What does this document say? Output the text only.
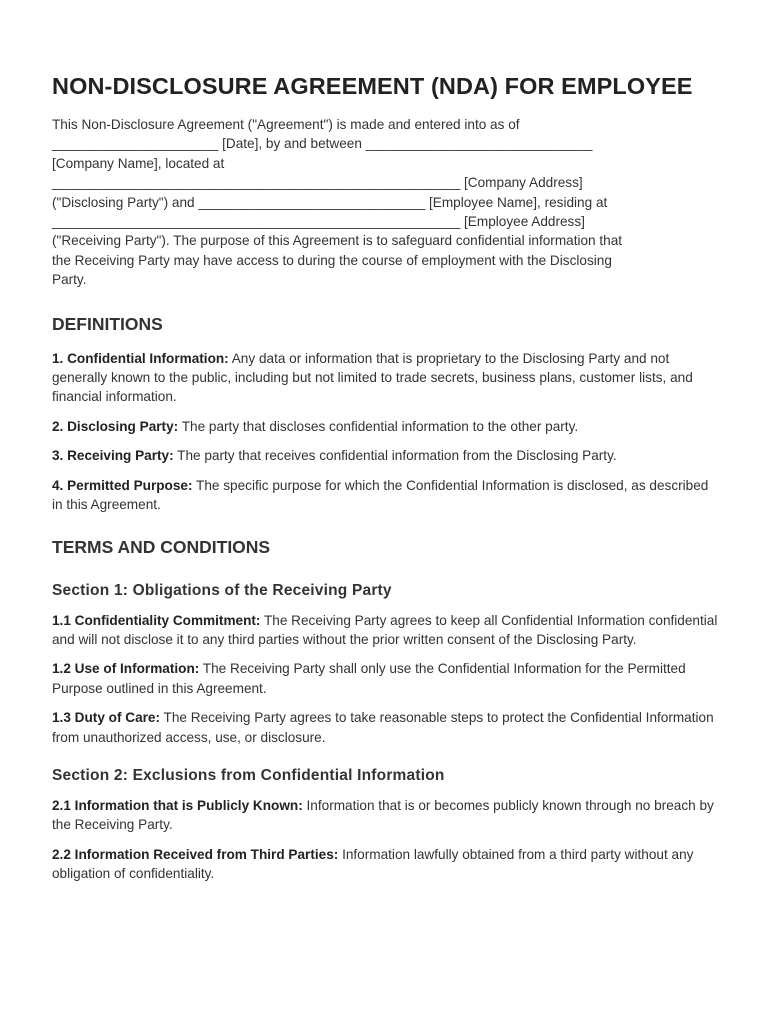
NON-DISCLOSURE AGREEMENT (NDA) FOR EMPLOYEE

This Non-Disclosure Agreement ("Agreement") is made and entered into as of

______________________ [Date], by and between ______________________________

[Company Name], located at

______________________________________________________ [Company Address]

("Disclosing Party") and ______________________________ [Employee Name], residing at

______________________________________________________ [Employee Address]

("Receiving Party"). The purpose of this Agreement is to safeguard confidential information that

the Receiving Party may have access to during the course of employment with the Disclosing

Party.

DEFINITIONS

1. Confidential Information: Any data or information that is proprietary to the Disclosing Party and not generally known to the public, including but not limited to trade secrets, business plans, customer lists, and financial information.

2. Disclosing Party: The party that discloses confidential information to the other party.

3. Receiving Party: The party that receives confidential information from the Disclosing Party.

4. Permitted Purpose: The specific purpose for which the Confidential Information is disclosed, as described in this Agreement.

TERMS AND CONDITIONS
Section 1: Obligations of the Receiving Party

1.1 Confidentiality Commitment: The Receiving Party agrees to keep all Confidential Information confidential and will not disclose it to any third parties without the prior written consent of the Disclosing Party.

1.2 Use of Information: The Receiving Party shall only use the Confidential Information for the Permitted Purpose outlined in this Agreement.

1.3 Duty of Care: The Receiving Party agrees to take reasonable steps to protect the Confidential Information from unauthorized access, use, or disclosure.

Section 2: Exclusions from Confidential Information

2.1 Information that is Publicly Known: Information that is or becomes publicly known through no breach by the Receiving Party.

2.2 Information Received from Third Parties: Information lawfully obtained from a third party without any obligation of confidentiality.
